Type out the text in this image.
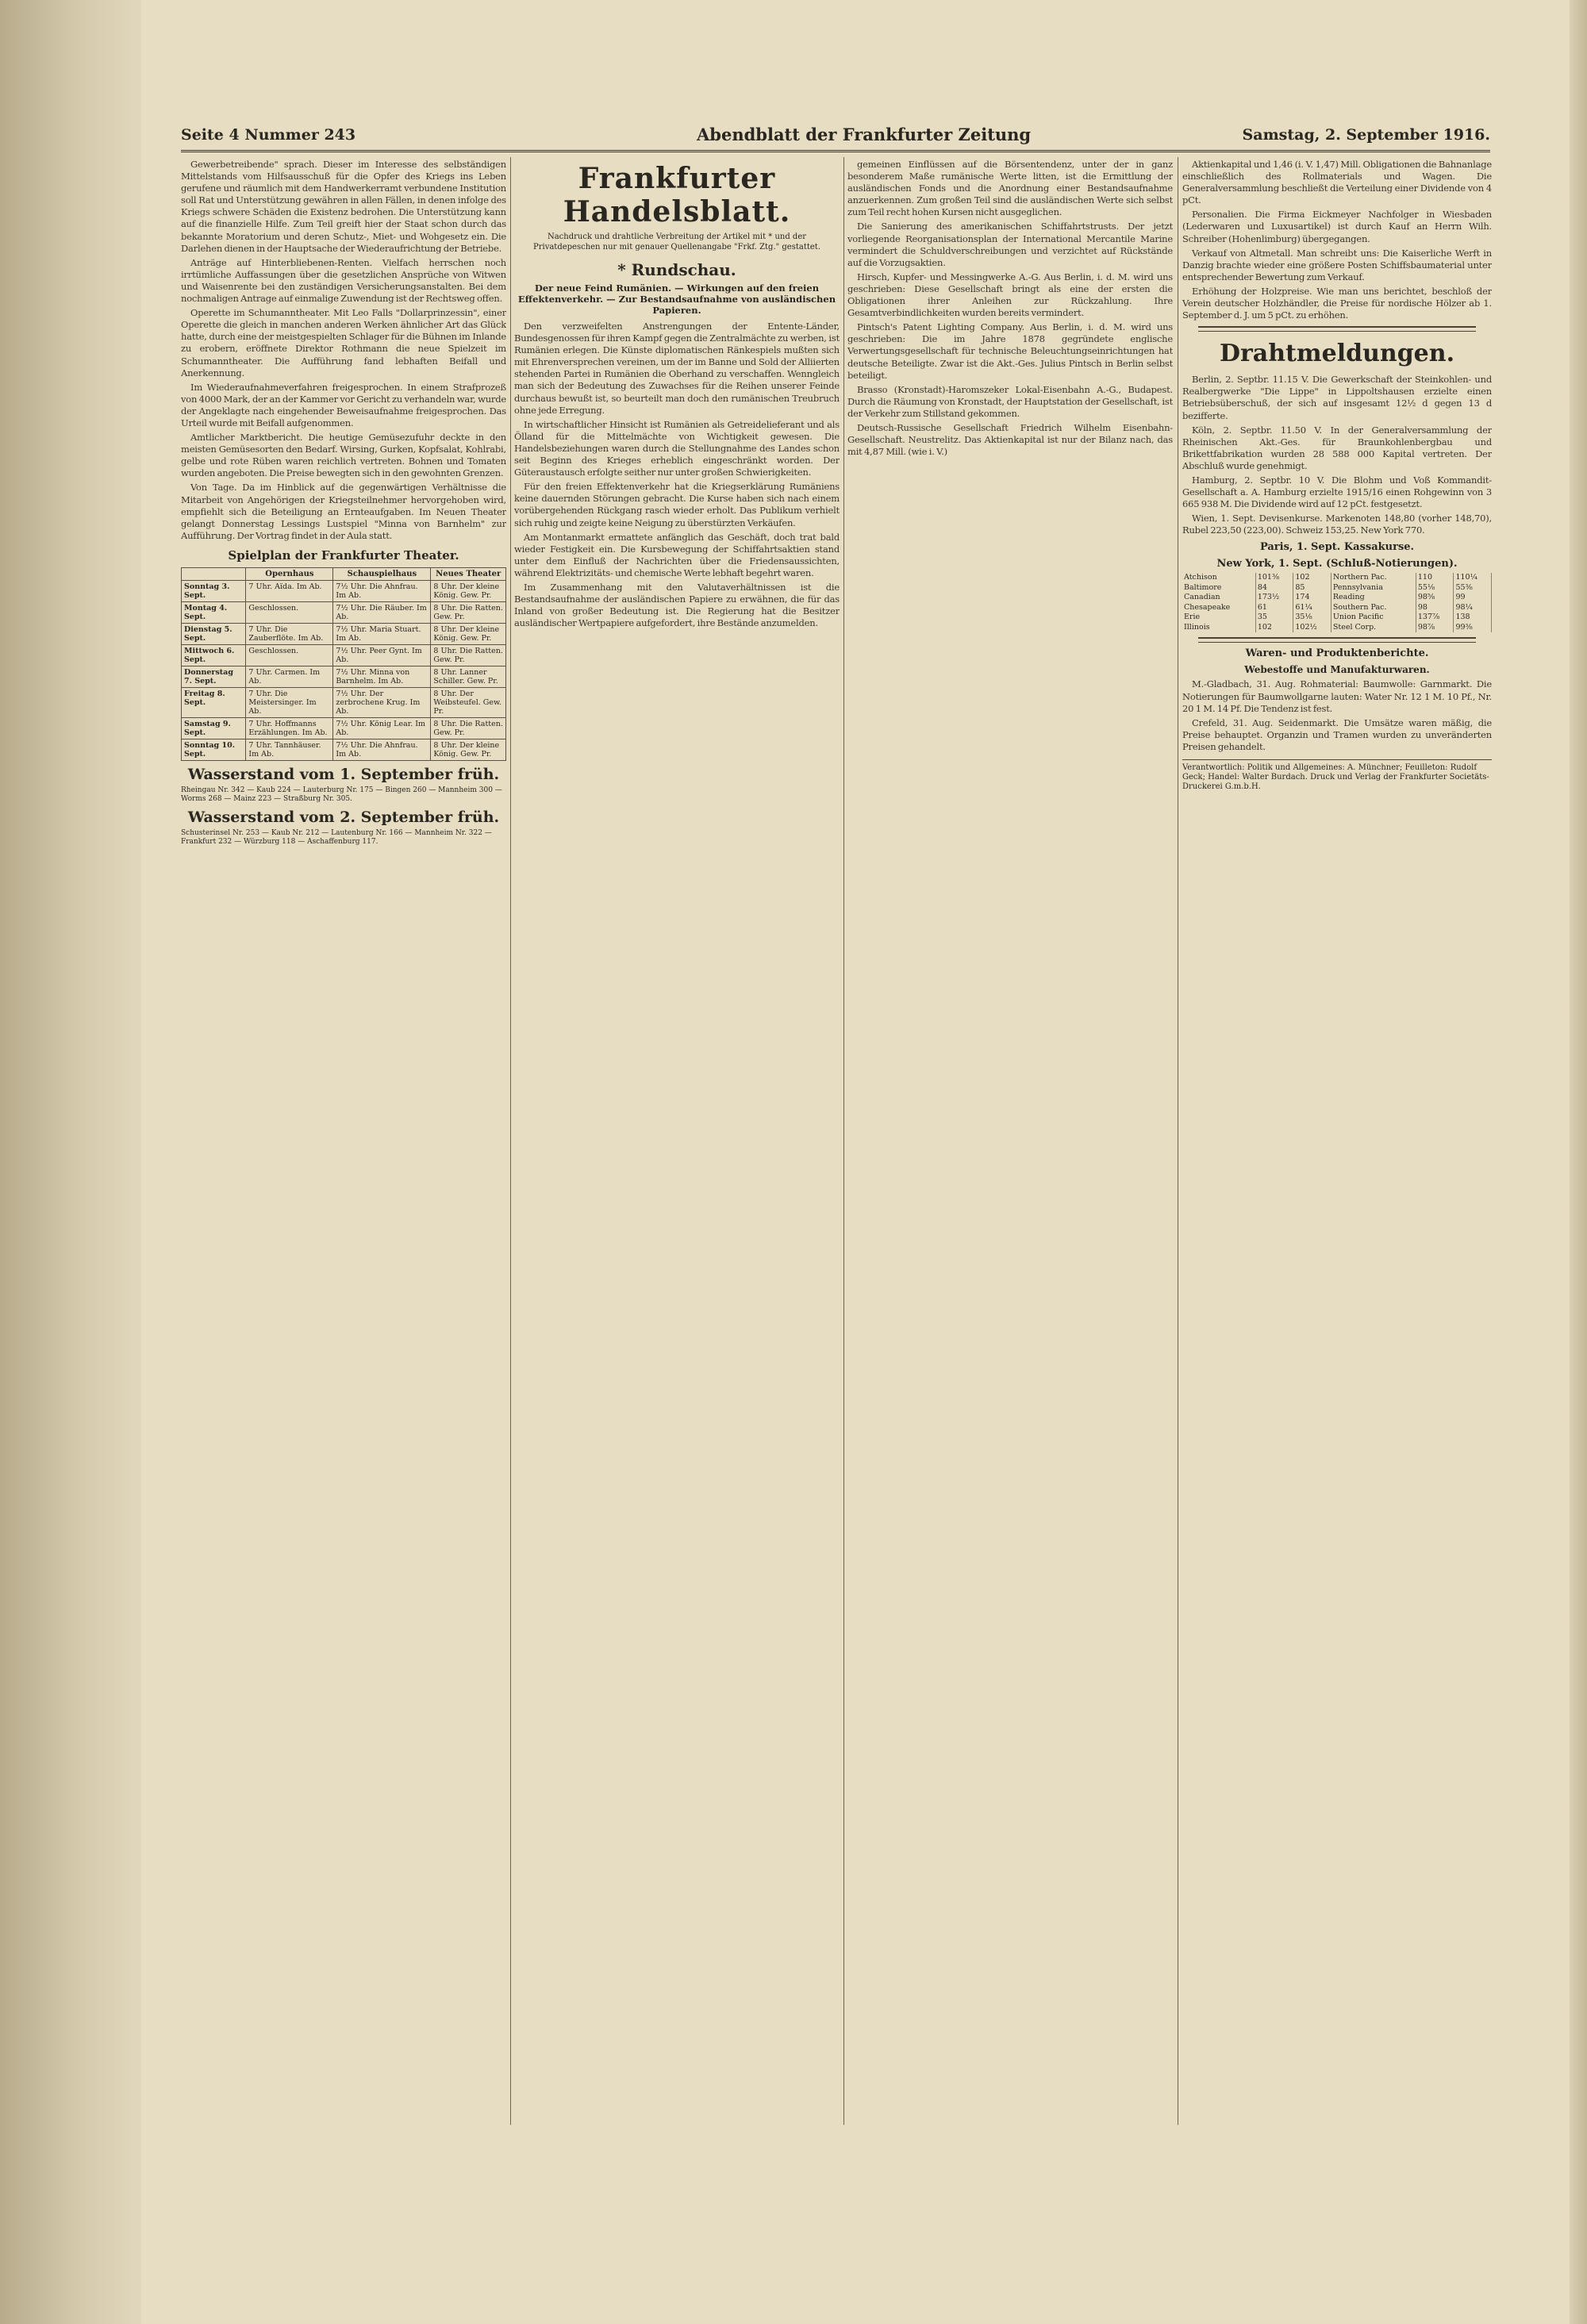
Seite 4 Nummer 243	Abendblatt der Frankfurter Zeitung	Samstag, 2. September 1916.

Gewerbetreibende" sprach. Dieser im Interesse des selbständigen Mittelstands vom Hilfsausschuß für die Opfer des Kriegs ins Leben gerufene und räumlich mit dem Handwerkerramt verbundene Institution soll Rat und Unterstützung gewähren in allen Fällen, in denen infolge des Kriegs schwere Schäden die Existenz bedrohen. Die Unterstützung kann auf die finanzielle Hilfe. Zum Teil greift hier der Staat schon durch das bekannte Moratorium und deren Schutz-, Miet- und Wohgesetz ein. Die Darlehen dienen in der Hauptsache der Wiederaufrichtung der Betriebe.

Anträge auf Hinterbliebenen-Renten. Vielfach herrschen noch irrtümliche Auffassungen über die gesetzlichen Ansprüche von Witwen und Waisenrente bei den zuständigen Versicherungsanstalten. Bei dem nochmaligen Antrage auf einmalige Zuwendung ist der Rechtsweg offen.

Operette im Schumanntheater. Mit Leo Falls "Dollarprinzessin", einer Operette die gleich in manchen anderen Werken ähnlicher Art das Glück hatte, durch eine der meistgespielten Schlager für die Bühnen im Inlande zu erobern, eröffnete Direktor Rothmann die neue Spielzeit im Schumanntheater. Die Aufführung fand lebhaften Beifall und Anerkennung.

Im Wiederaufnahmeverfahren freigesprochen. In einem Strafprozeß von 4000 Mark, der an der Kammer vor Gericht zu verhandeln war, wurde der Angeklagte nach eingehender Beweisaufnahme freigesprochen. Das Urteil wurde mit Beifall aufgenommen.

Amtlicher Marktbericht. Die heutige Gemüsezufuhr deckte in den meisten Gemüsesorten den Bedarf. Wirsing, Gurken, Kopfsalat, Kohlrabi, gelbe und rote Rüben waren reichlich vertreten. Bohnen und Tomaten wurden angeboten. Die Preise bewegten sich in den gewohnten Grenzen.

Von Tage. Da im Hinblick auf die gegenwärtigen Verhältnisse die Mitarbeit von Angehörigen der Kriegsteilnehmer hervorgehoben wird, empfiehlt sich die Beteiligung an Ernteaufgaben. Im Neuen Theater gelangt Donnerstag Lessings Lustspiel "Minna von Barnhelm" zur Aufführung. Der Vortrag findet in der Aula statt.

Spielplan der Frankfurter Theater.
	Opernhaus	Schauspielhaus	Neues Theater
Sonntag 3. Sept.	7 Uhr. Aïda. Im Ab.	7½ Uhr. Die Ahnfrau. Im Ab.	8 Uhr. Der kleine König. Gew. Pr.
Montag 4. Sept.	Geschlossen.	7½ Uhr. Die Räuber. Im Ab.	8 Uhr. Die Ratten. Gew. Pr.
Dienstag 5. Sept.	7 Uhr. Die Zauberflöte. Im Ab.	7½ Uhr. Maria Stuart. Im Ab.	8 Uhr. Der kleine König. Gew. Pr.
Mittwoch 6. Sept.	Geschlossen.	7½ Uhr. Peer Gynt. Im Ab.	8 Uhr. Die Ratten. Gew. Pr.
Donnerstag 7. Sept.	7 Uhr. Carmen. Im Ab.	7½ Uhr. Minna von Barnhelm. Im Ab.	8 Uhr. Lanner Schiller. Gew. Pr.
Freitag 8. Sept.	7 Uhr. Die Meistersinger. Im Ab.	7½ Uhr. Der zerbrochene Krug. Im Ab.	8 Uhr. Der Weibsteufel. Gew. Pr.
Samstag 9. Sept.	7 Uhr. Hoffmanns Erzählungen. Im Ab.	7½ Uhr. König Lear. Im Ab.	8 Uhr. Die Ratten. Gew. Pr.
Sonntag 10. Sept.	7 Uhr. Tannhäuser. Im Ab.	7½ Uhr. Die Ahnfrau. Im Ab.	8 Uhr. Der kleine König. Gew. Pr.
Wasserstand vom 1. September früh.
Rheingau Nr. 342 — Kaub 224 — Lauterburg Nr. 175 — Bingen 260 — Mannheim 300 — Worms 268 — Mainz 223 — Straßburg Nr. 305.
Wasserstand vom 2. September früh.
Schusterinsel Nr. 253 — Kaub Nr. 212 — Lautenburg Nr. 166 — Mannheim Nr. 322 — Frankfurt 232 — Würzburg 118 — Aschaffenburg 117.
Frankfurter Handelsblatt.
Nachdruck und drahtliche Verbreitung der Artikel mit * und der Privatdepeschen nur mit genauer Quellenangabe "Frkf. Ztg." gestattet.
* Rundschau.
Der neue Feind Rumänien. — Wirkungen auf den freien Effektenverkehr. — Zur Bestandsaufnahme von ausländischen Papieren.

Den verzweifelten Anstrengungen der Entente-Länder, Bundesgenossen für ihren Kampf gegen die Zentralmächte zu werben, ist Rumänien erlegen. Die Künste diplomatischen Ränkespiels mußten sich mit Ehrenversprechen vereinen, um der im Banne und Sold der Alliierten stehenden Partei in Rumänien die Oberhand zu verschaffen. Wenngleich man sich der Bedeutung des Zuwachses für die Reihen unserer Feinde durchaus bewußt ist, so beurteilt man doch den rumänischen Treubruch ohne jede Erregung.

In wirtschaftlicher Hinsicht ist Rumänien als Getreidelieferant und als Ölland für die Mittelmächte von Wichtigkeit gewesen. Die Handelsbeziehungen waren durch die Stellungnahme des Landes schon seit Beginn des Krieges erheblich eingeschränkt worden. Der Güteraustausch erfolgte seither nur unter großen Schwierigkeiten.

Für den freien Effektenverkehr hat die Kriegserklärung Rumäniens keine dauernden Störungen gebracht. Die Kurse haben sich nach einem vorübergehenden Rückgang rasch wieder erholt. Das Publikum verhielt sich ruhig und zeigte keine Neigung zu überstürzten Verkäufen.

Am Montanmarkt ermattete anfänglich das Geschäft, doch trat bald wieder Festigkeit ein. Die Kursbewegung der Schiffahrtsaktien stand unter dem Einfluß der Nachrichten über die Friedensaussichten, während Elektrizitäts- und chemische Werte lebhaft begehrt waren.

Im Zusammenhang mit den Valutaverhältnissen ist die Bestandsaufnahme der ausländischen Papiere zu erwähnen, die für das Inland von großer Bedeutung ist. Die Regierung hat die Besitzer ausländischer Wertpapiere aufgefordert, ihre Bestände anzumelden.

gemeinen Einflüssen auf die Börsentendenz, unter der in ganz besonderem Maße rumänische Werte litten, ist die Ermittlung der ausländischen Fonds und die Anordnung einer Bestandsaufnahme anzuerkennen. Zum großen Teil sind die ausländischen Werte sich selbst zum Teil recht hohen Kursen nicht ausgeglichen.

Die Sanierung des amerikanischen Schiffahrtstrusts. Der jetzt vorliegende Reorganisationsplan der International Mercantile Marine vermindert die Schuldverschreibungen und verzichtet auf Rückstände auf die Vorzugsaktien.

Hirsch, Kupfer- und Messingwerke A.-G. Aus Berlin, i. d. M. wird uns geschrieben: Diese Gesellschaft bringt als eine der ersten die Obligationen ihrer Anleihen zur Rückzahlung. Ihre Gesamtverbindlichkeiten wurden bereits vermindert.

Pintsch's Patent Lighting Company. Aus Berlin, i. d. M. wird uns geschrieben: Die im Jahre 1878 gegründete englische Verwertungsgesellschaft für technische Beleuchtungseinrichtungen hat deutsche Beteiligte. Zwar ist die Akt.-Ges. Julius Pintsch in Berlin selbst beteiligt.

Brasso (Kronstadt)-Haromszeker Lokal-Eisenbahn A.-G., Budapest. Durch die Räumung von Kronstadt, der Hauptstation der Gesellschaft, ist der Verkehr zum Stillstand gekommen.

Deutsch-Russische Gesellschaft Friedrich Wilhelm Eisenbahn-Gesellschaft. Neustrelitz. Das Aktienkapital ist nur der Bilanz nach, das mit 4,87 Mill. (wie i. V.)

Aktienkapital und 1,46 (i. V. 1,47) Mill. Obligationen die Bahnanlage einschließlich des Rollmaterials und Wagen. Die Generalversammlung beschließt die Verteilung einer Dividende von 4 pCt.

Personalien. Die Firma Eickmeyer Nachfolger in Wiesbaden (Lederwaren und Luxusartikel) ist durch Kauf an Herrn Wilh. Schreiber (Hohenlimburg) übergegangen.

Verkauf von Altmetall. Man schreibt uns: Die Kaiserliche Werft in Danzig brachte wieder eine größere Posten Schiffsbaumaterial unter entsprechender Bewertung zum Verkauf.

Erhöhung der Holzpreise. Wie man uns berichtet, beschloß der Verein deutscher Holzhändler, die Preise für nordische Hölzer ab 1. September d. J. um 5 pCt. zu erhöhen.

Drahtmeldungen.

Berlin, 2. Septbr. 11.15 V. Die Gewerkschaft der Steinkohlen- und Realbergwerke "Die Lippe" in Lippoltshausen erzielte einen Betriebsüberschuß, der sich auf insgesamt 12½ d gegen 13 d bezifferte.

Köln, 2. Septbr. 11.50 V. In der Generalversammlung der Rheinischen Akt.-Ges. für Braunkohlenbergbau und Brikettfabrikation wurden 28 588 000 Kapital vertreten. Der Abschluß wurde genehmigt.

Hamburg, 2. Septbr. 10 V. Die Blohm und Voß Kommandit-Gesellschaft a. A. Hamburg erzielte 1915/16 einen Rohgewinn von 3 665 938 M. Die Dividende wird auf 12 pCt. festgesetzt.

Wien, 1. Sept. Devisenkurse. Markenoten 148,80 (vorher 148,70), Rubel 223,50 (223,00). Schweiz 153,25. New York 770.

Paris, 1. Sept. Kassakurse.
New York, 1. Sept. (Schluß-Notierungen).
Atchison	101⅜	102	Northern Pac.	110	110¼
Baltimore	84	85	Pennsylvania	55⅛	55⅜
Canadian	173½	174	Reading	98⅝	99
Chesapeake	61	61¼	Southern Pac.	98	98¼
Erie	35	35⅛	Union Pacific	137⅞	138
Illinois	102	102½	Steel Corp.	98⅞	99⅜
Waren- und Produktenberichte.
Webestoffe und Manufakturwaren.

M.-Gladbach, 31. Aug. Rohmaterial: Baumwolle: Garnmarkt. Die Notierungen für Baumwollgarne lauten: Water Nr. 12 1 M. 10 Pf., Nr. 20 1 M. 14 Pf. Die Tendenz ist fest.

Crefeld, 31. Aug. Seidenmarkt. Die Umsätze waren mäßig, die Preise behauptet. Organzin und Tramen wurden zu unveränderten Preisen gehandelt.

Verantwortlich: Politik und Allgemeines: A. Münchner; Feuilleton: Rudolf Geck; Handel: Walter Burdach. Druck und Verlag der Frankfurter Societäts-Druckerei G.m.b.H.
